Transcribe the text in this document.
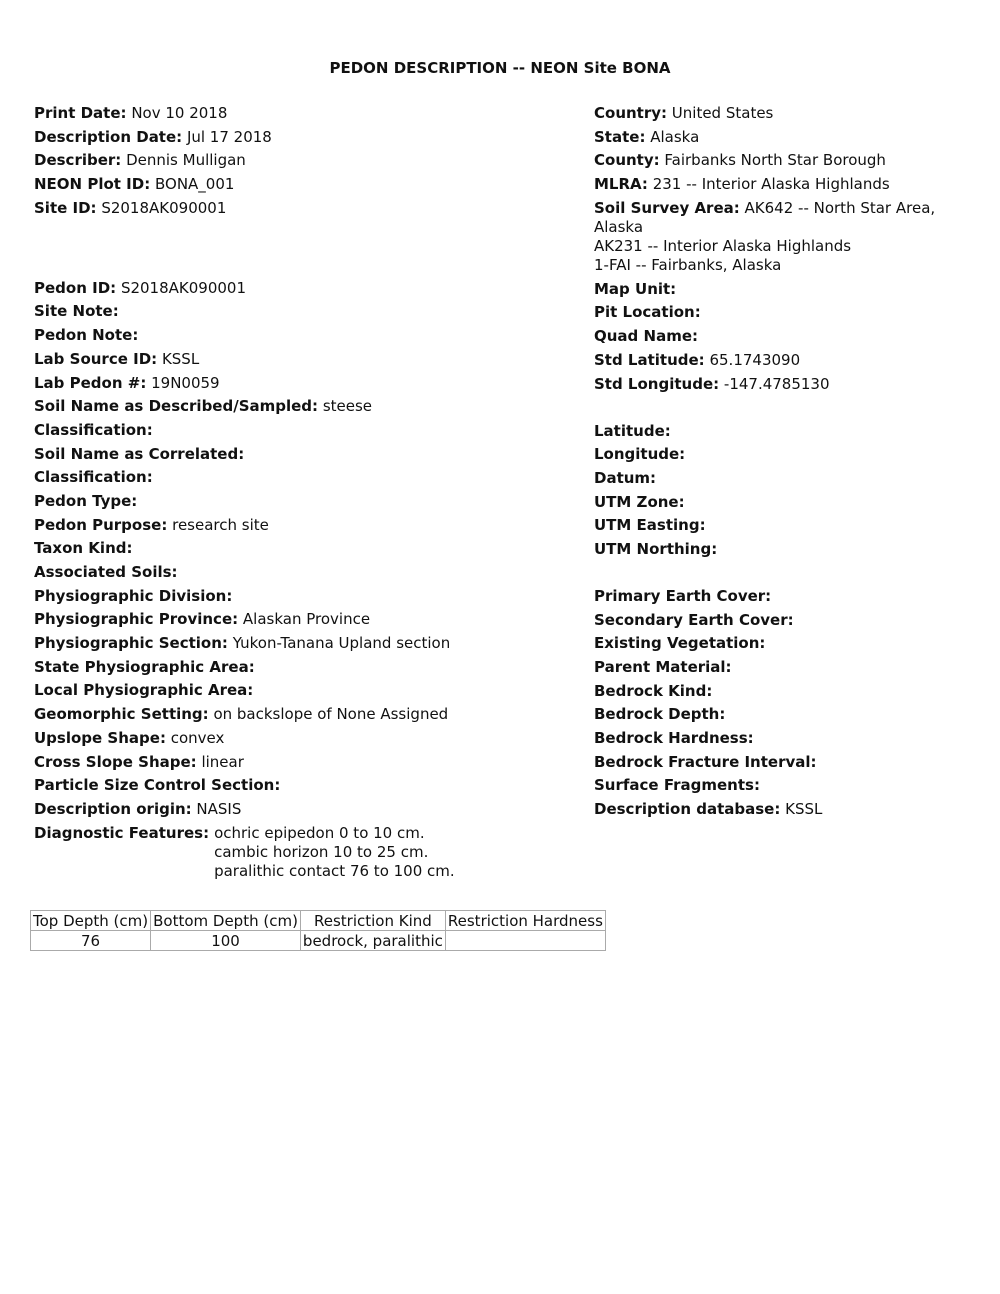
PEDON DESCRIPTION -- NEON Site BONA
Print Date: Nov 10 2018
Description Date: Jul 17 2018
Describer: Dennis Mulligan
NEON Plot ID: BONA_001
Site ID: S2018AK090001
Pedon ID: S2018AK090001
Site Note:
Pedon Note:
Lab Source ID: KSSL
Lab Pedon #: 19N0059
Soil Name as Described/Sampled: steese
Classification:
Soil Name as Correlated:
Classification:
Pedon Type:
Pedon Purpose: research site
Taxon Kind:
Associated Soils:
Physiographic Division:
Physiographic Province: Alaskan Province
Physiographic Section: Yukon-Tanana Upland section
State Physiographic Area:
Local Physiographic Area:
Geomorphic Setting: on backslope of None Assigned
Upslope Shape: convex
Cross Slope Shape: linear
Particle Size Control Section:
Description origin: NASIS
Diagnostic Features: ochric epipedon 0 to 10 cm.
cambic horizon 10 to 25 cm.
paralithic contact 76 to 100 cm.
Country: United States
State: Alaska
County: Fairbanks North Star Borough
MLRA: 231 -- Interior Alaska Highlands
Soil Survey Area: AK642 -- North Star Area, Alaska
AK231 -- Interior Alaska Highlands
1-FAI -- Fairbanks, Alaska
Map Unit:
Pit Location:
Quad Name:
Std Latitude: 65.1743090
Std Longitude: -147.4785130
Latitude:
Longitude:
Datum:
UTM Zone:
UTM Easting:
UTM Northing:
Primary Earth Cover:
Secondary Earth Cover:
Existing Vegetation:
Parent Material:
Bedrock Kind:
Bedrock Depth:
Bedrock Hardness:
Bedrock Fracture Interval:
Surface Fragments:
Description database: KSSL
Top Depth (cm)	Bottom Depth (cm)	Restriction Kind	Restriction Hardness
76	100	bedrock, paralithic	
